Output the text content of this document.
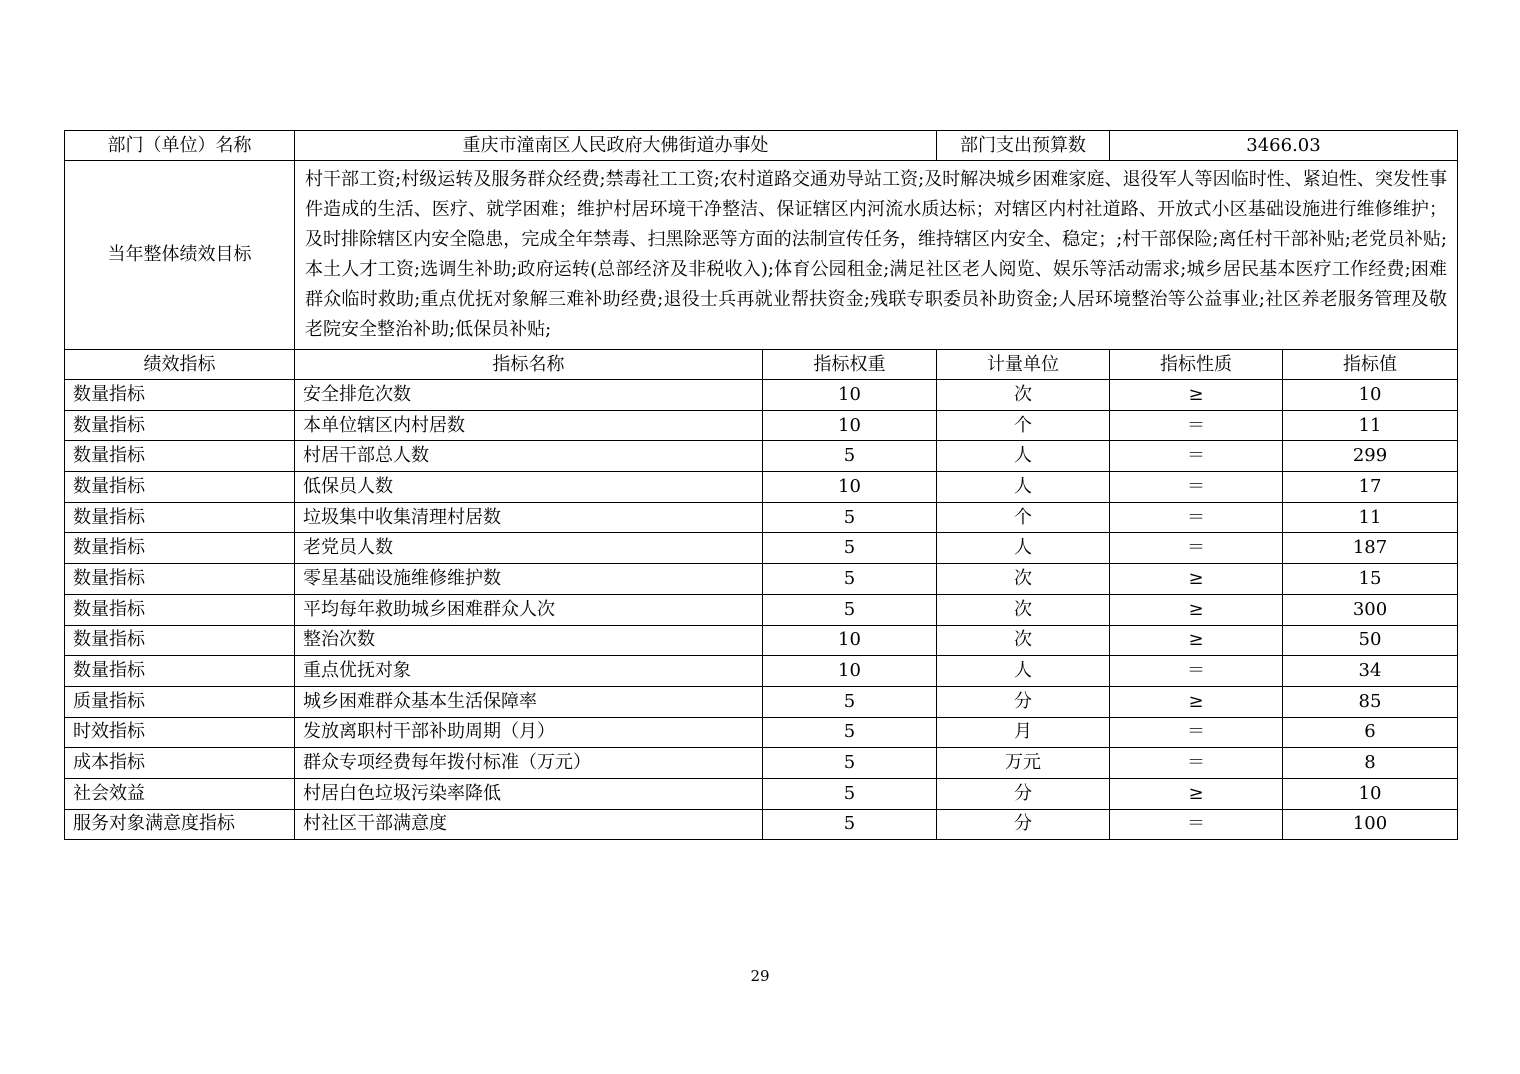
部门（单位）名称	重庆市潼南区人民政府大佛街道办事处		部门支出预算数	3466.03	
当年整体绩效目标	村干部工资;村级运转及服务群众经费;禁毒社工工资;农村道路交通劝导站工资;及时解决城乡困难家庭、退役军人等因临时性、紧迫性、突发性事件造成的生活、医疗、就学困难；维护村居环境干净整洁、保证辖区内河流水质达标；对辖区内村社道路、开放式小区基础设施进行维修维护；及时排除辖区内安全隐患，完成全年禁毒、扫黑除恶等方面的法制宣传任务，维持辖区内安全、稳定；;村干部保险;离任村干部补贴;老党员补贴;本土人才工资;选调生补助;政府运转(总部经济及非税收入);体育公园租金;满足社区老人阅览、娱乐等活动需求;城乡居民基本医疗工作经费;困难群众临时救助;重点优抚对象解三难补助经费;退役士兵再就业帮扶资金;残联专职委员补助资金;人居环境整治等公益事业;社区养老服务管理及敬老院安全整治补助;低保员补贴;				
绩效指标	指标名称	指标权重	计量单位	指标性质	指标值
数量指标	安全排危次数	10	次	≥	10
数量指标	本单位辖区内村居数	10	个	＝	11
数量指标	村居干部总人数	5	人	＝	299
数量指标	低保员人数	10	人	＝	17
数量指标	垃圾集中收集清理村居数	5	个	＝	11
数量指标	老党员人数	5	人	＝	187
数量指标	零星基础设施维修维护数	5	次	≥	15
数量指标	平均每年救助城乡困难群众人次	5	次	≥	300
数量指标	整治次数	10	次	≥	50
数量指标	重点优抚对象	10	人	＝	34
质量指标	城乡困难群众基本生活保障率	5	分	≥	85
时效指标	发放离职村干部补助周期（月）	5	月	＝	6
成本指标	群众专项经费每年拨付标准（万元）	5	万元	＝	8
社会效益	村居白色垃圾污染率降低	5	分	≥	10
服务对象满意度指标	村社区干部满意度	5	分	＝	100
29
